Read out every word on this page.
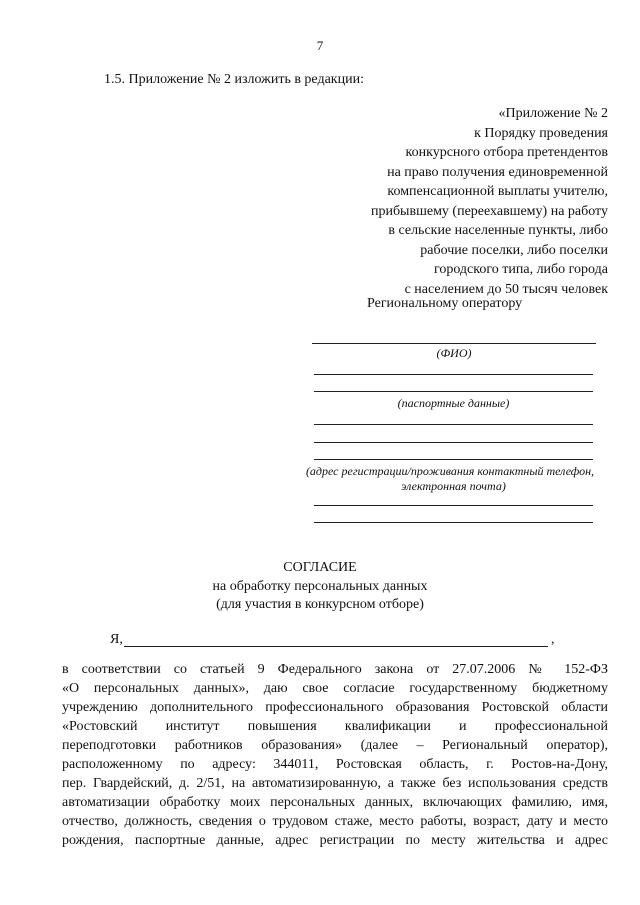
7
1.5. Приложение № 2 изложить в редакции:
«Приложение № 2
к Порядку проведения
конкурсного отбора претендентов
на право получения единовременной
компенсационной выплаты учителю,
прибывшему (переехавшему) на работу
в сельские населенные пункты, либо
рабочие поселки, либо поселки
городского типа, либо города
с населением до 50 тысяч человек
Региональному оператору
(ФИО)
(паспортные данные)
(адрес регистрации/проживания контактный телефон,
электронная почта)
СОГЛАСИЕ
на обработку персональных данных
(для участия в конкурсном отборе)
Я,	,
в соответствии со статьей 9 Федерального закона от 27.07.2006 № 152-ФЗ
«О персональных данных», даю свое согласие государственному бюджетному
учреждению дополнительного профессионального образования Ростовской области
«Ростовский институт повышения квалификации и профессиональной
переподготовки работников образования» (далее – Региональный оператор),
расположенному по адресу: 344011, Ростовская область, г. Ростов-на-Дону,
пер. Гвардейский, д. 2/51, на автоматизированную, а также без использования средств
автоматизации обработку моих персональных данных, включающих фамилию, имя,
отчество, должность, сведения о трудовом стаже, место работы, возраст, дату и место
рождения, паспортные данные, адрес регистрации по месту жительства и адрес
